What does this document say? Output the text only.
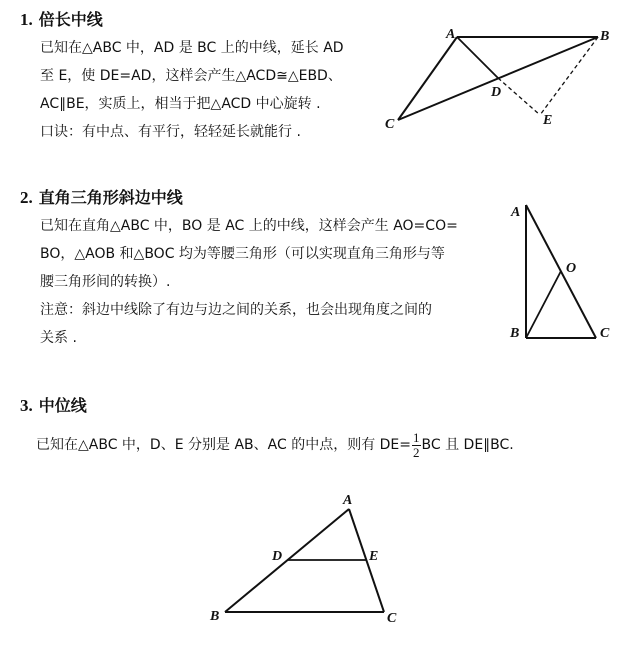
1. 倍长中线
已知在△ABC 中，AD 是 BC 上的中线，延长 AD
至 E，使 DE=AD，这样会产生△ACD≅△EBD、
AC∥BE，实质上，相当于把△ACD 中心旋转 .
口诀：有中点、有平行，轻轻延长就能行 .
A	B
C
D
E
A
O
B	C
A
B	C
D	E
2. 直角三角形斜边中线
已知在直角△ABC 中，BO 是 AC 上的中线，这样会产生 AO=CO=
BO，△AOB 和△BOC 均为等腰三角形（可以实现直角三角形与等
腰三角形间的转换）.
注意：斜边中线除了有边与边之间的关系，也会出现角度之间的
关系 .
3. 中位线
已知在△ABC 中，D、E 分别是 AB、AC 的中点，则有 $DE= \frac{1}{2}$ BC 且 DE∥BC.
